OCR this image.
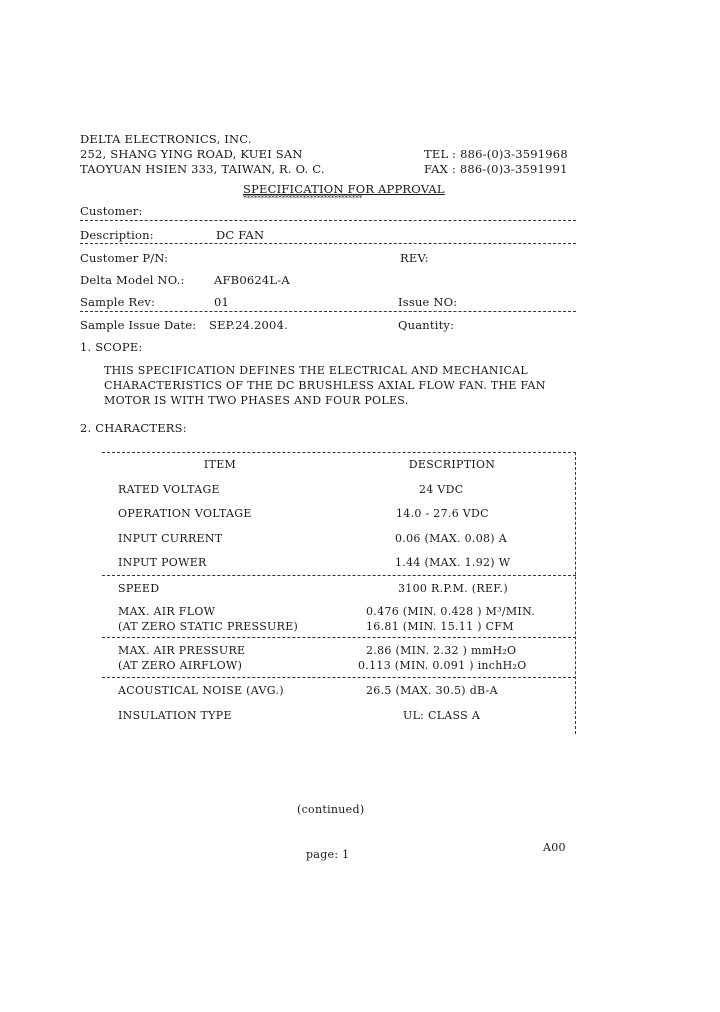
DELTA ELECTRONICS, INC.
252, SHANG YING ROAD, KUEI SAN
TAOYUAN HSIEN 333, TAIWAN, R. O. C.
TEL : 886-(0)3-3591968
FAX : 886-(0)3-3591991
SPECIFICATION FOR APPROVAL
**********************************
Customer:
Description:	DC FAN
Customer P/N:	REV:
Delta Model NO.:	AFB0624L-A
Sample Rev:	01	Issue NO:
Sample Issue Date: SEP.24.2004.	Quantity:
1. SCOPE:
THIS SPECIFICATION DEFINES THE ELECTRICAL AND MECHANICAL
CHARACTERISTICS OF THE DC BRUSHLESS AXIAL FLOW FAN. THE FAN
MOTOR IS WITH TWO PHASES AND FOUR POLES.
2. CHARACTERS:
ITEM	DESCRIPTION
RATED VOLTAGE	24 VDC
OPERATION VOLTAGE	14.0 - 27.6 VDC
INPUT CURRENT	0.06 (MAX. 0.08) A
INPUT POWER	1.44 (MAX. 1.92) W
SPEED	3100 R.P.M. (REF.)
MAX. AIR FLOW	0.476 (MIN. 0.428 ) M³/MIN.
(AT ZERO STATIC PRESSURE)	16.81 (MIN. 15.11 ) CFM
MAX. AIR PRESSURE	2.86 (MIN. 2.32 ) mmH₂O
(AT ZERO AIRFLOW)	0.113 (MIN. 0.091 ) inchH₂O
ACOUSTICAL NOISE (AVG.)	26.5 (MAX. 30.5) dB-A
INSULATION TYPE	UL: CLASS A
(continued)
page: 1
A00
